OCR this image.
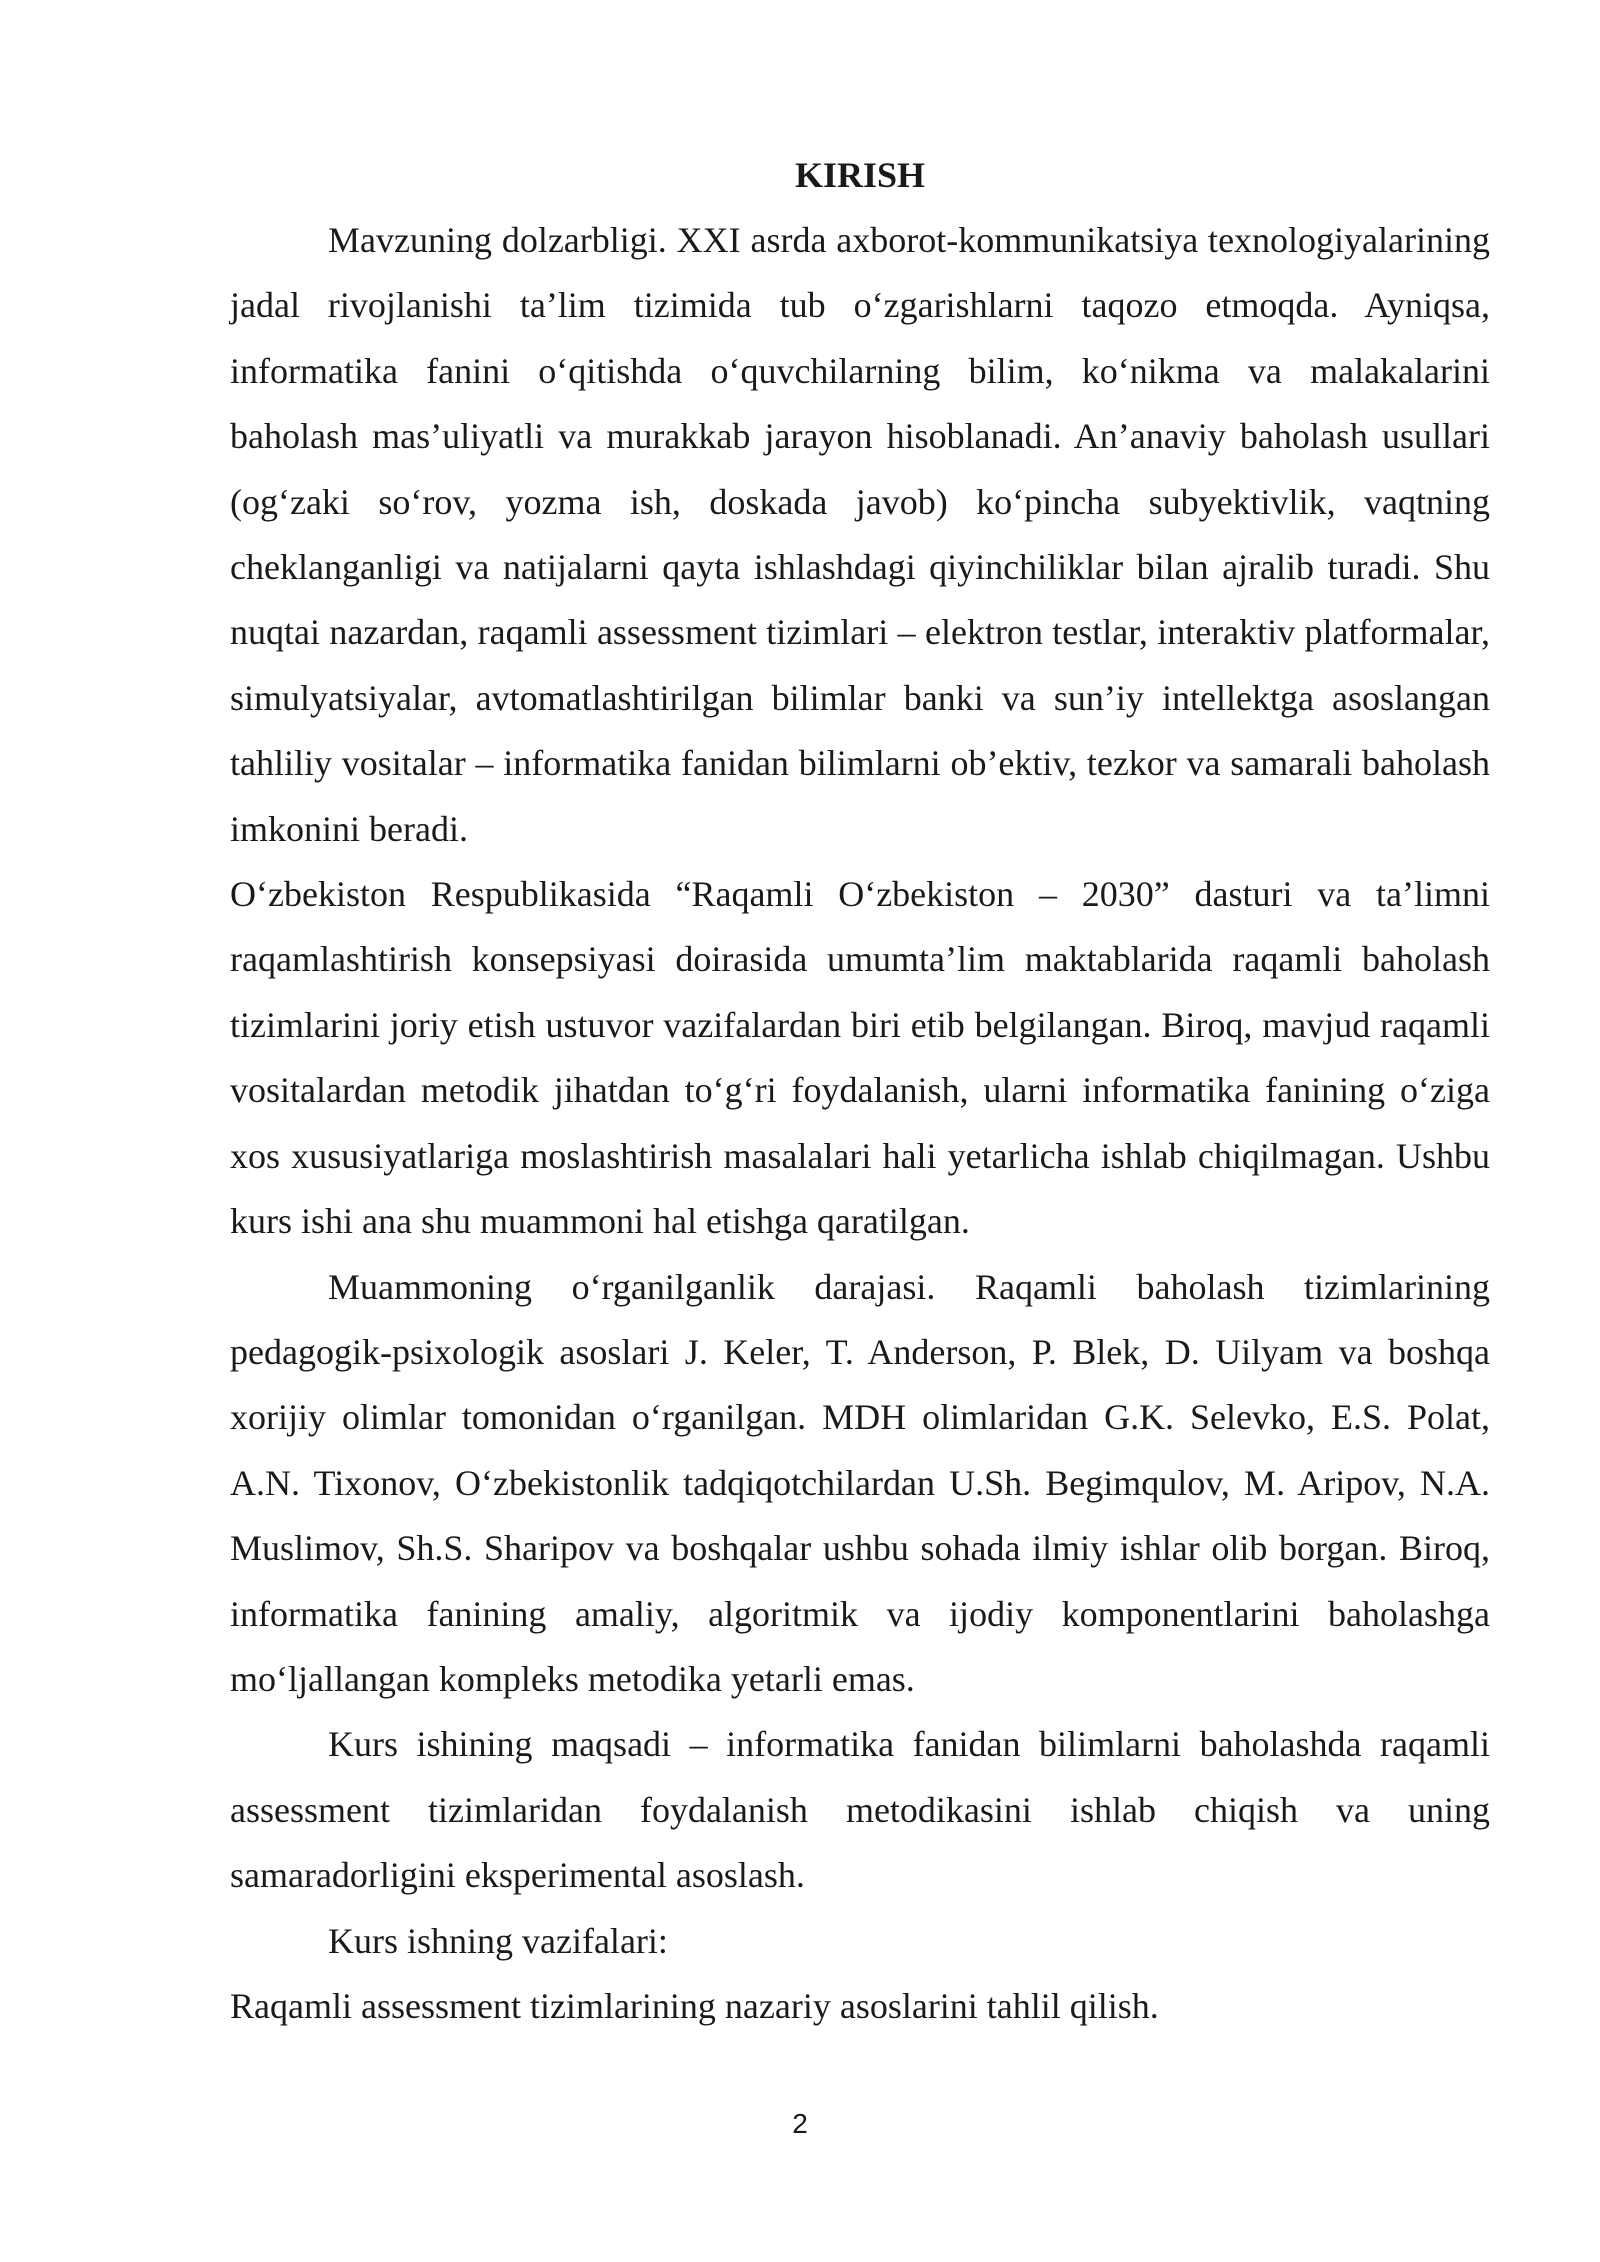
KIRISH

Mavzuning dolzarbligi. XXI asrda axborot-kommunikatsiya texnologiyalarining jadal rivojlanishi ta’lim tizimida tub o‘zgarishlarni taqozo etmoqda. Ayniqsa, informatika fanini o‘qitishda o‘quvchilarning bilim, ko‘nikma va malakalarini baholash mas’uliyatli va murakkab jarayon hisoblanadi. An’anaviy baholash usullari (og‘zaki so‘rov, yozma ish, doskada javob) ko‘pincha subyektivlik, vaqtning cheklanganligi va natijalarni qayta ishlashdagi qiyinchiliklar bilan ajralib turadi. Shu nuqtai nazardan, raqamli assessment tizimlari – elektron testlar, interaktiv platformalar, simulyatsiyalar, avtomatlashtirilgan bilimlar banki va sun’iy intellektga asoslangan tahliliy vositalar – informatika fanidan bilimlarni ob’ektiv, tezkor va samarali baholash imkonini beradi.

O‘zbekiston Respublikasida “Raqamli O‘zbekiston – 2030” dasturi va ta’limni raqamlashtirish konsepsiyasi doirasida umumta’lim maktablarida raqamli baholash tizimlarini joriy etish ustuvor vazifalardan biri etib belgilangan. Biroq, mavjud raqamli vositalardan metodik jihatdan to‘g‘ri foydalanish, ularni informatika fanining o‘ziga xos xususiyatlariga moslashtirish masalalari hali yetarlicha ishlab chiqilmagan. Ushbu kurs ishi ana shu muammoni hal etishga qaratilgan.

Muammoning o‘rganilganlik darajasi. Raqamli baholash tizimlarining pedagogik-psixologik asoslari J. Keler, T. Anderson, P. Blek, D. Uilyam va boshqa xorijiy olimlar tomonidan o‘rganilgan. MDH olimlaridan G.K. Selevko, E.S. Polat, A.N. Tixonov, O‘zbekistonlik tadqiqotchilardan U.Sh. Begimqulov, M. Aripov, N.A. Muslimov, Sh.S. Sharipov va boshqalar ushbu sohada ilmiy ishlar olib borgan. Biroq, informatika fanining amaliy, algoritmik va ijodiy komponentlarini baholashga mo‘ljallangan kompleks metodika yetarli emas.

Kurs ishining maqsadi – informatika fanidan bilimlarni baholashda raqamli assessment tizimlaridan foydalanish metodikasini ishlab chiqish va uning samaradorligini eksperimental asoslash.

Kurs ishning vazifalari:

Raqamli assessment tizimlarining nazariy asoslarini tahlil qilish.

2
